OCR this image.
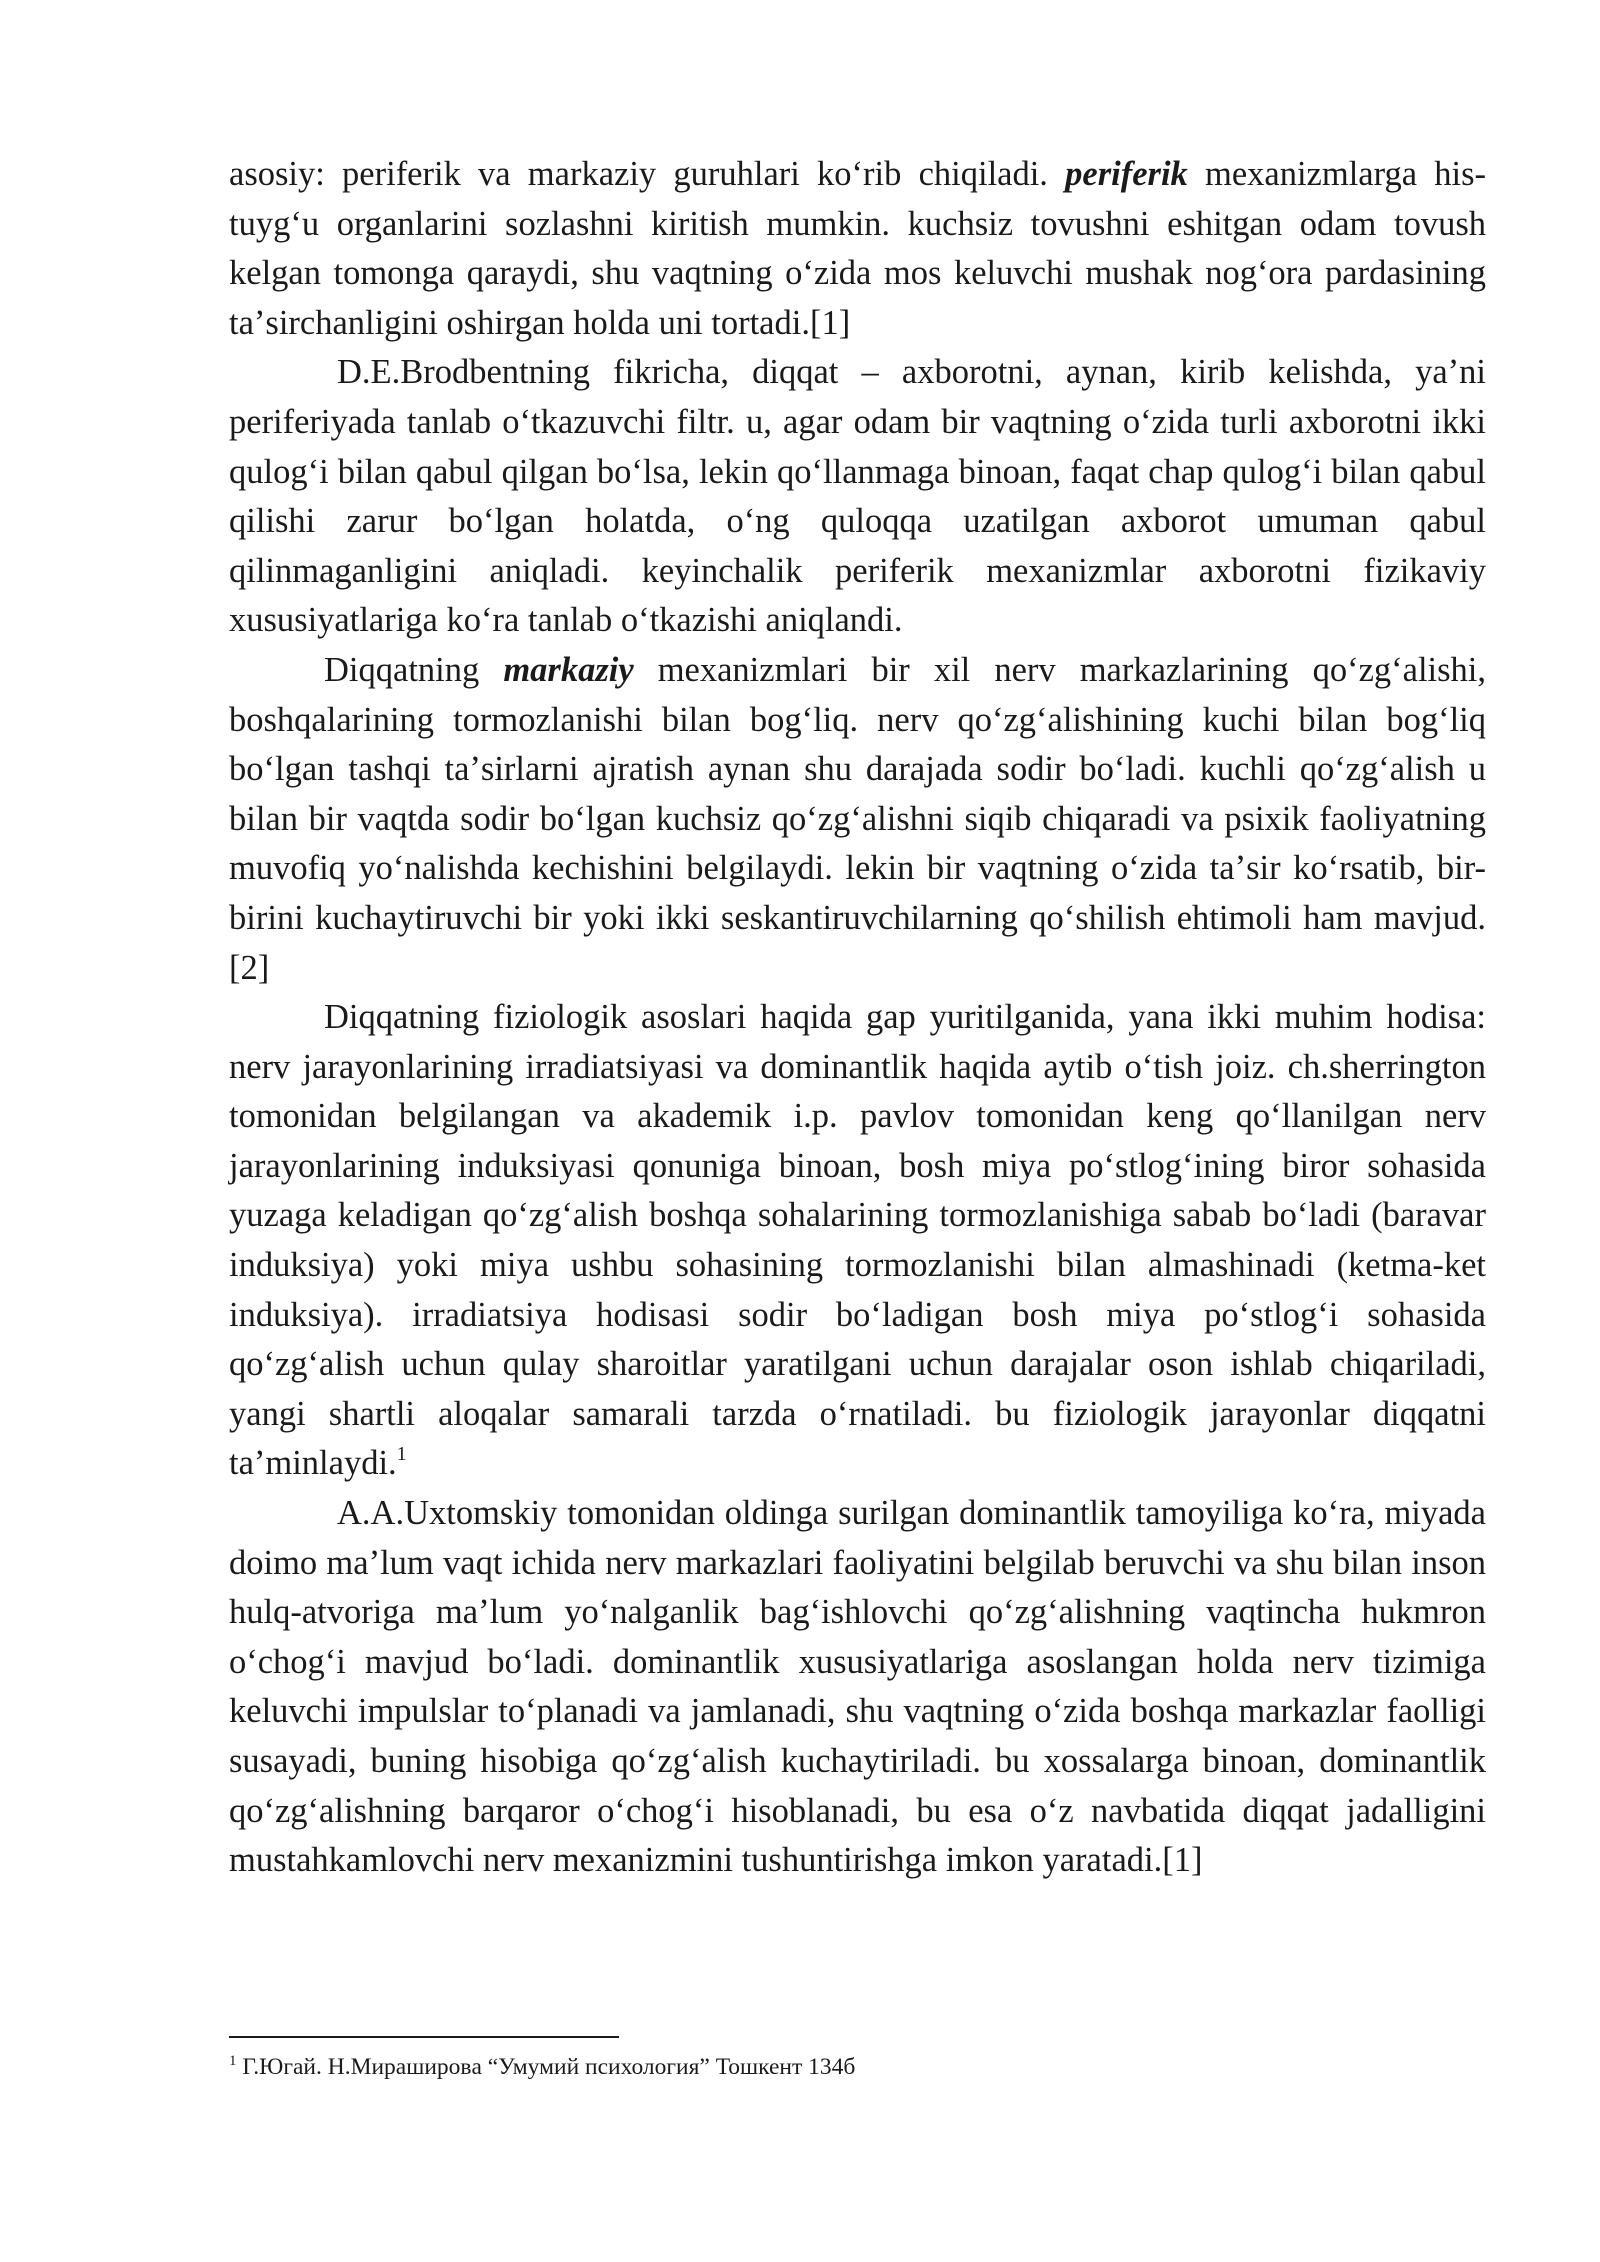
asosiy: periferik va markaziy guruhlari koʻrib chiqiladi. periferik mexanizmlarga his-tuygʻu organlarini sozlashni kiritish mumkin. kuchsiz tovushni eshitgan odam tovush kelgan tomonga qaraydi, shu vaqtning oʻzida mos keluvchi mushak nogʻora pardasining taʼsirchanligini oshirgan holda uni tortadi.[1]

D.E.Brodbentning fikricha, diqqat – axborotni, aynan, kirib kelishda, yaʼni periferiyada tanlab oʻtkazuvchi filtr. u, agar odam bir vaqtning oʻzida turli axborotni ikki qulogʻi bilan qabul qilgan boʻlsa, lekin qoʻllanmaga binoan, faqat chap qulogʻi bilan qabul qilishi zarur boʻlgan holatda, oʻng quloqqa uzatilgan axborot umuman qabul qilinmaganligini aniqladi. keyinchalik periferik mexanizmlar axborotni fizikaviy xususiyatlariga koʻra tanlab oʻtkazishi aniqlandi.

Diqqatning markaziy mexanizmlari bir xil nerv markazlarining qoʻzgʻalishi, boshqalarining tormozlanishi bilan bogʻliq. nerv qoʻzgʻalishining kuchi bilan bogʻliq boʻlgan tashqi taʼsirlarni ajratish aynan shu darajada sodir boʻladi. kuchli qoʻzgʻalish u bilan bir vaqtda sodir boʻlgan kuchsiz qoʻzgʻalishni siqib chiqaradi va psixik faoliyatning muvofiq yoʻnalishda kechishini belgilaydi. lekin bir vaqtning oʻzida taʼsir koʻrsatib, bir-birini kuchaytiruvchi bir yoki ikki seskantiruvchilarning qoʻshilish ehtimoli ham mavjud.[2]

Diqqatning fiziologik asoslari haqida gap yuritilganida, yana ikki muhim hodisa: nerv jarayonlarining irradiatsiyasi va dominantlik haqida aytib oʻtish joiz. ch.sherrington tomonidan belgilangan va akademik i.p. pavlov tomonidan keng qoʻllanilgan nerv jarayonlarining induksiyasi qonuniga binoan, bosh miya poʻstlogʻining biror sohasida yuzaga keladigan qoʻzgʻalish boshqa sohalarining tormozlanishiga sabab boʻladi (baravar induksiya) yoki miya ushbu sohasining tormozlanishi bilan almashinadi (ketma-ket induksiya). irradiatsiya hodisasi sodir boʻladigan bosh miya poʻstlogʻi sohasida qoʻzgʻalish uchun qulay sharoitlar yaratilgani uchun darajalar oson ishlab chiqariladi, yangi shartli aloqalar samarali tarzda oʻrnatiladi. bu fiziologik jarayonlar diqqatni taʼminlaydi.$^1$

A.A.Uxtomskiy tomonidan oldinga surilgan dominantlik tamoyiliga koʻra, miyada doimo maʼlum vaqt ichida nerv markazlari faoliyatini belgilab beruvchi va shu bilan inson hulq-atvoriga maʼlum yoʻnalganlik bagʻishlovchi qoʻzgʻalishning vaqtincha hukmron oʻchogʻi mavjud boʻladi. dominantlik xususiyatlariga asoslangan holda nerv tizimiga keluvchi impulslar toʻplanadi va jamlanadi, shu vaqtning oʻzida boshqa markazlar faolligi susayadi, buning hisobiga qoʻzgʻalish kuchaytiriladi. bu xossalarga binoan, dominantlik qoʻzgʻalishning barqaror oʻchogʻi hisoblanadi, bu esa oʻz navbatida diqqat jadalligini mustahkamlovchi nerv mexanizmini tushuntirishga imkon yaratadi.[1]

$^1$ Г.Югай. Н.Мирашировa “Умумий психология” Тошкент 134б
